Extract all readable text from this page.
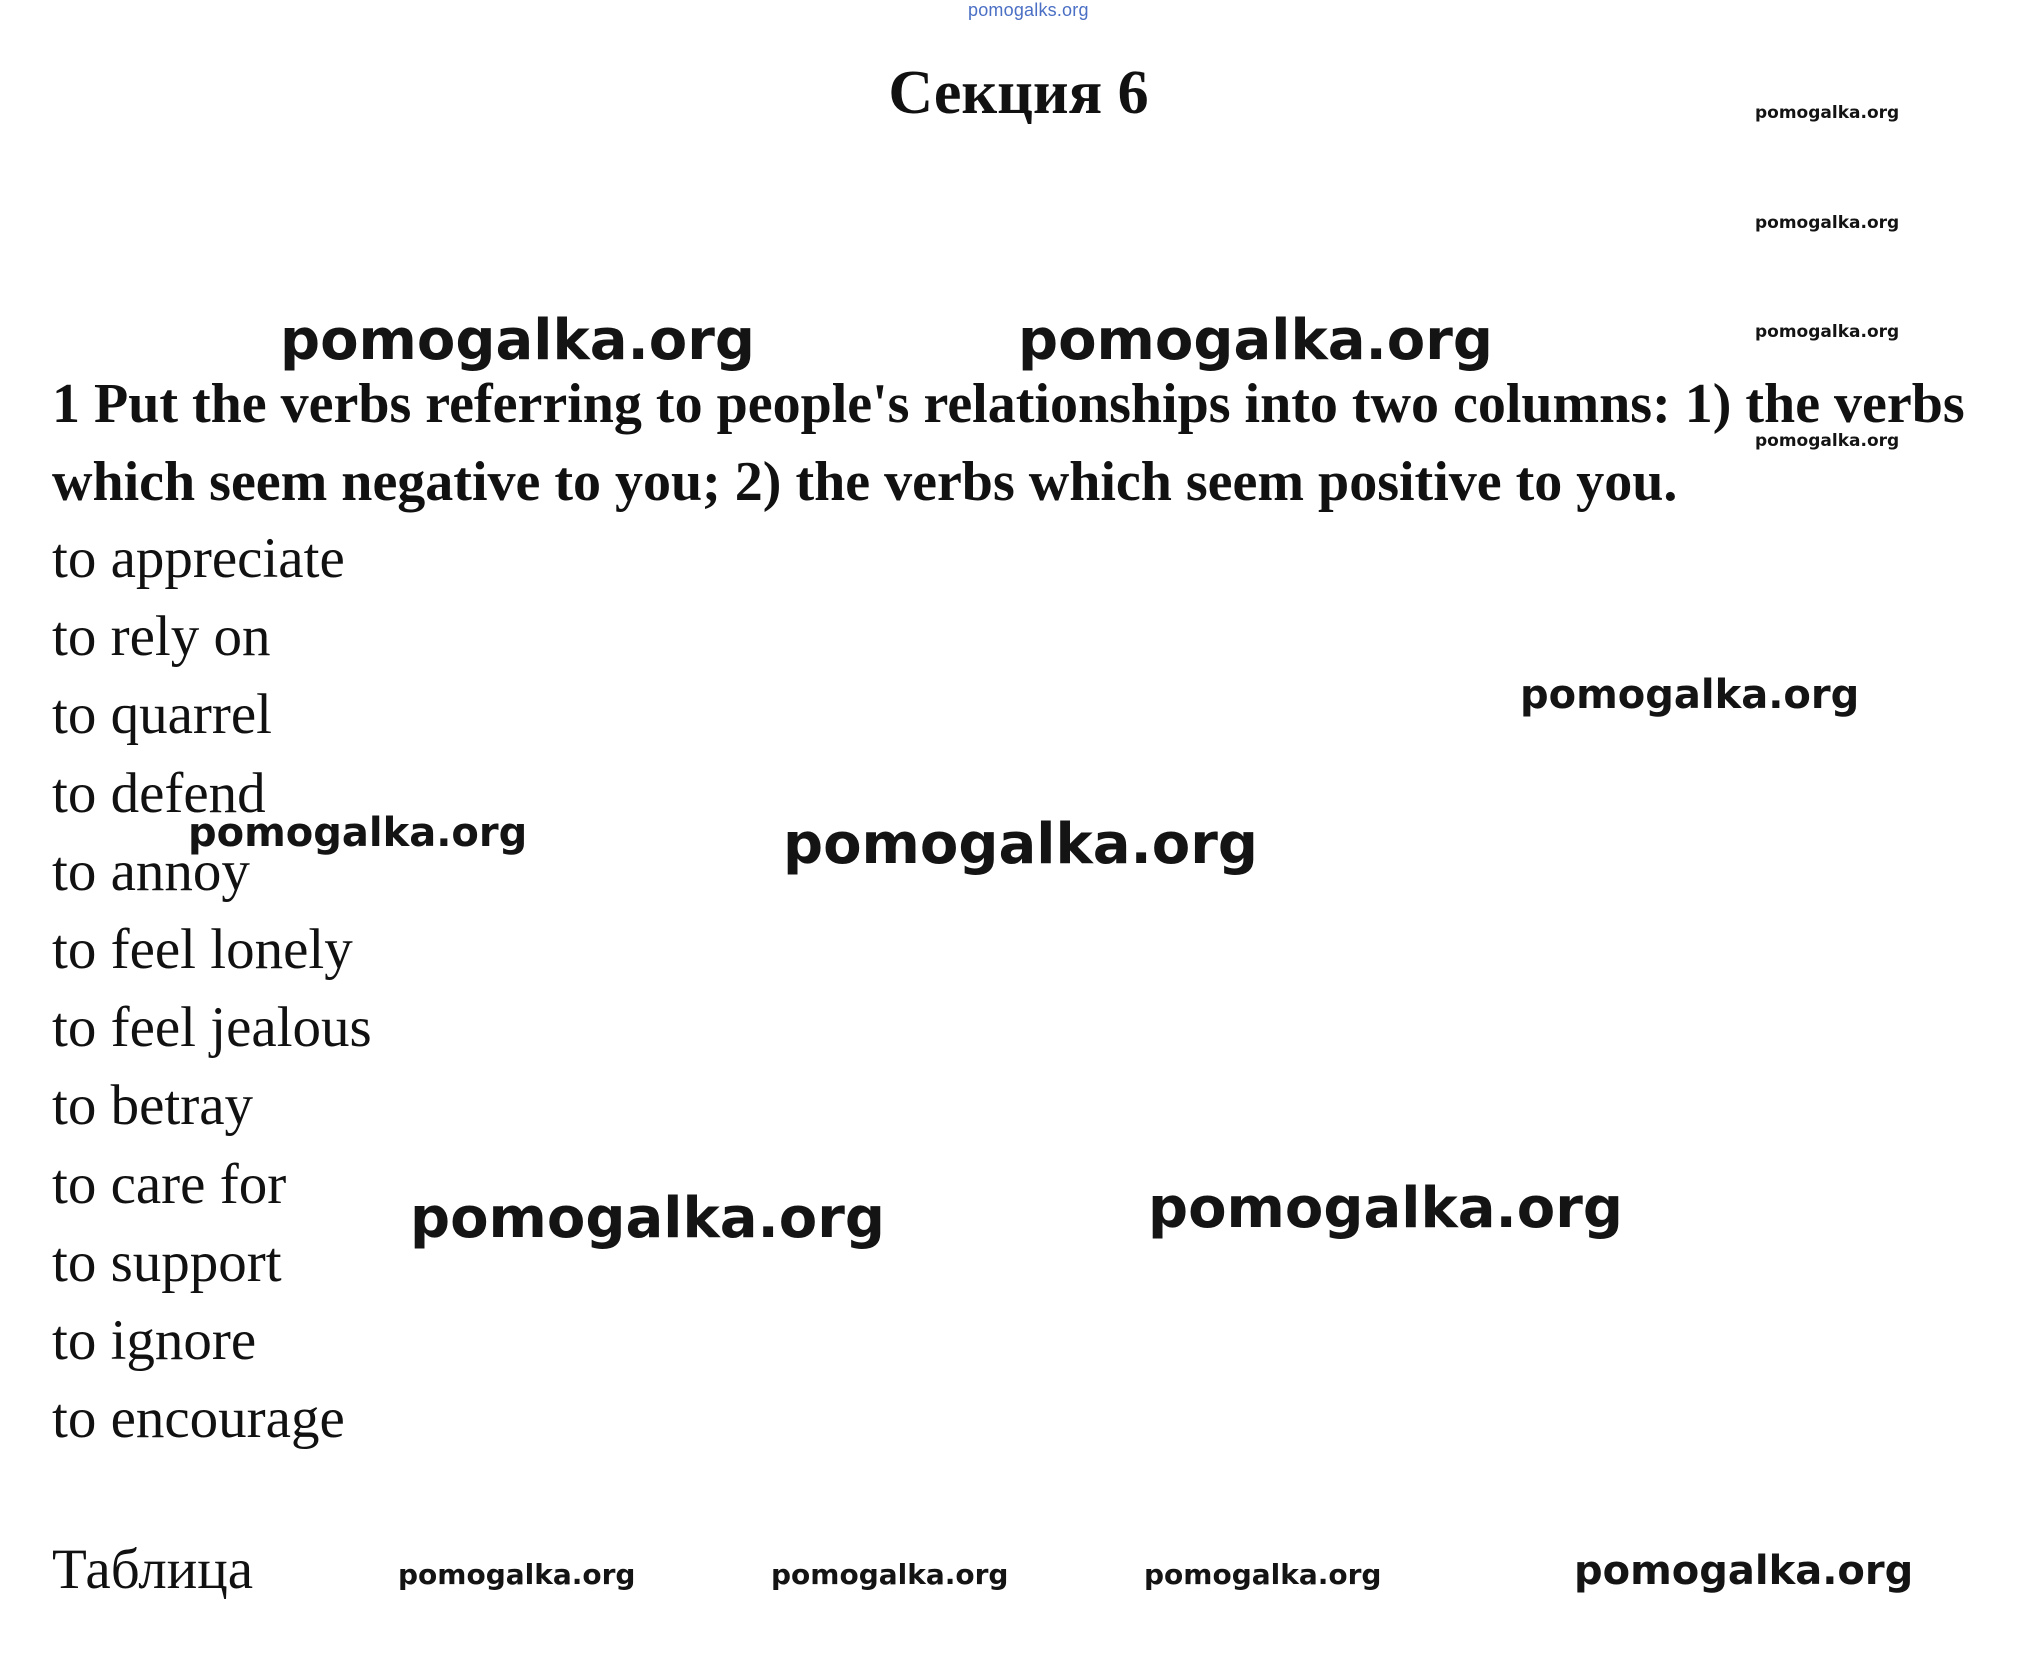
pomogalks.org
Секция 6	pomogalka.org
pomogalka.org
pomogalka.org
pomogalka.org
pomogalka.org	pomogalka.org
1 Put the verbs referring to people's relationships into two columns: 1) the verbs which seem negative to you; 2) the verbs which seem positive to you.
to appreciate
to rely on
to quarrel
to defend
to annoy
to feel lonely
to feel jealous
to betray
to care for
to support
to ignore
to encourage
pomogalka.org
pomogalka.org	pomogalka.org
pomogalka.org	pomogalka.org
Таблица	pomogalka.org	pomogalka.org	pomogalka.org	pomogalka.org
